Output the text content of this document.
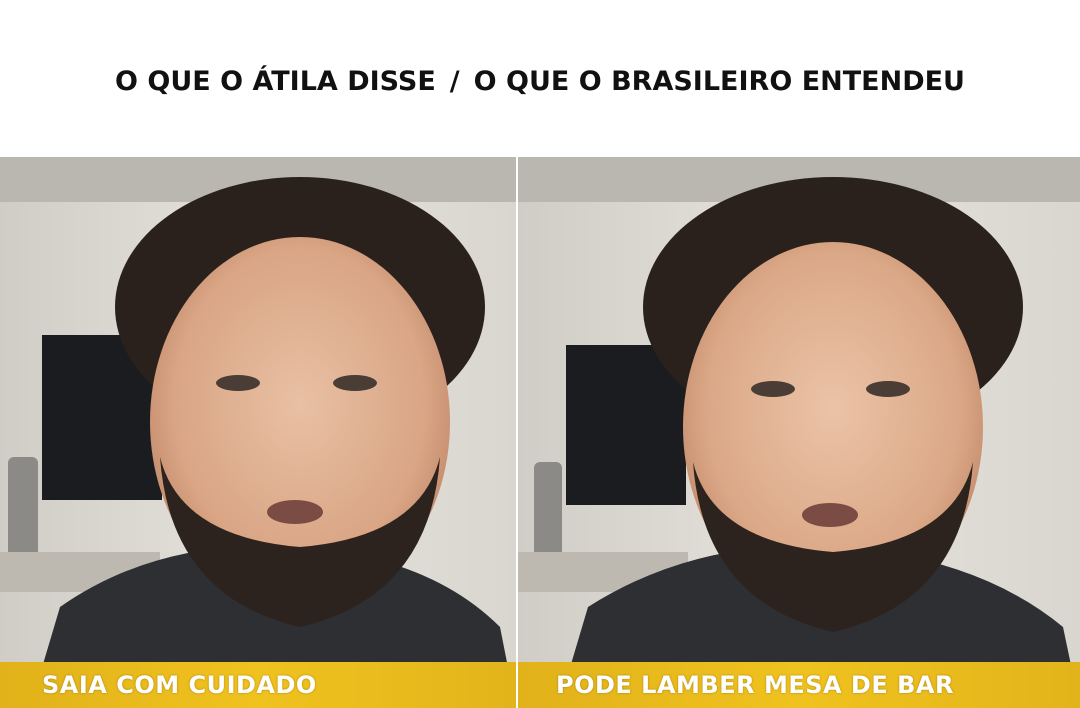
O QUE O ÁTILA DISSE / O QUE O BRASILEIRO ENTENDEU
SAIA COM CUIDADO	PODE LAMBER MESA DE BAR
